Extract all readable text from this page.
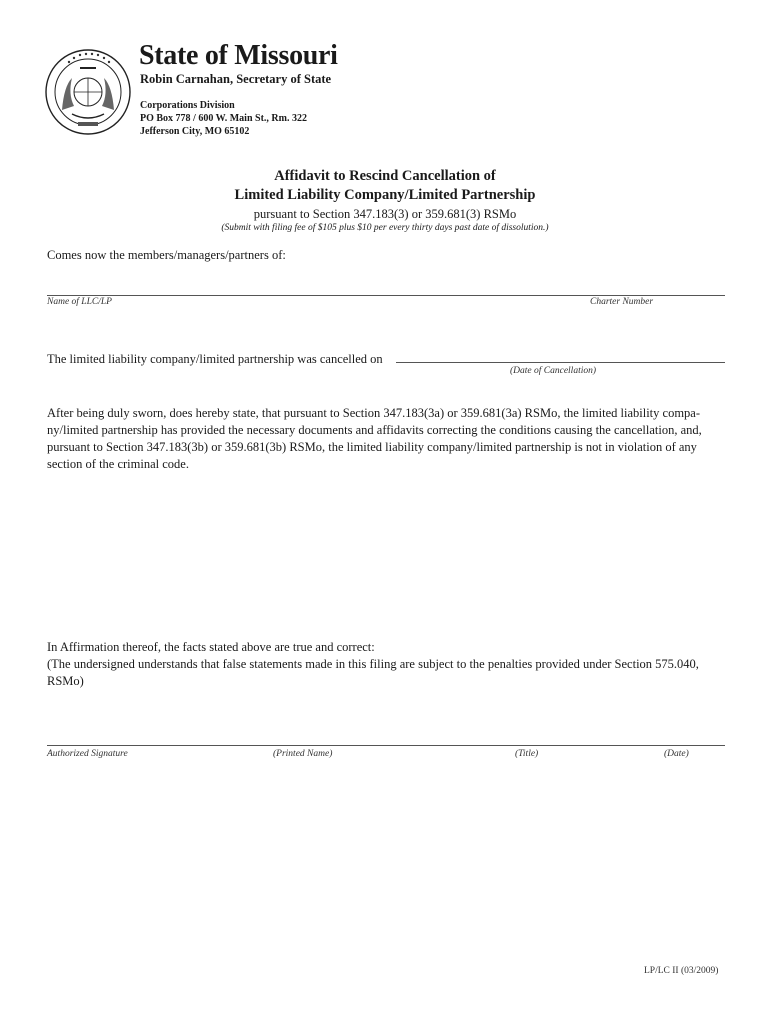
State of Missouri
Robin Carnahan, Secretary of State
Corporations Division
PO Box 778 / 600 W. Main St., Rm. 322
Jefferson City, MO 65102
Affidavit to Rescind Cancellation of
Limited Liability Company/Limited Partnership
pursuant to Section 347.183(3) or 359.681(3) RSMo
(Submit with filing fee of $105 plus $10 per every thirty days past date of dissolution.)
Comes now the members/managers/partners of:
Name of LLC/LP	Charter Number
The limited liability company/limited partnership was cancelled on
(Date of Cancellation)
After being duly sworn, does hereby state, that pursuant to Section 347.183(3a) or 359.681(3a) RSMo, the limited liability compa-
ny/limited partnership has provided the necessary documents and affidavits correcting the conditions causing the cancellation, and,
pursuant to Section 347.183(3b) or 359.681(3b) RSMo, the limited liability company/limited partnership is not in violation of any
section of the criminal code.
In Affirmation thereof, the facts stated above are true and correct:
(The undersigned understands that false statements made in this filing are subject to the penalties provided under Section 575.040,
RSMo)
Authorized Signature	(Printed Name)	(Title)	(Date)
LP/LC II (03/2009)
